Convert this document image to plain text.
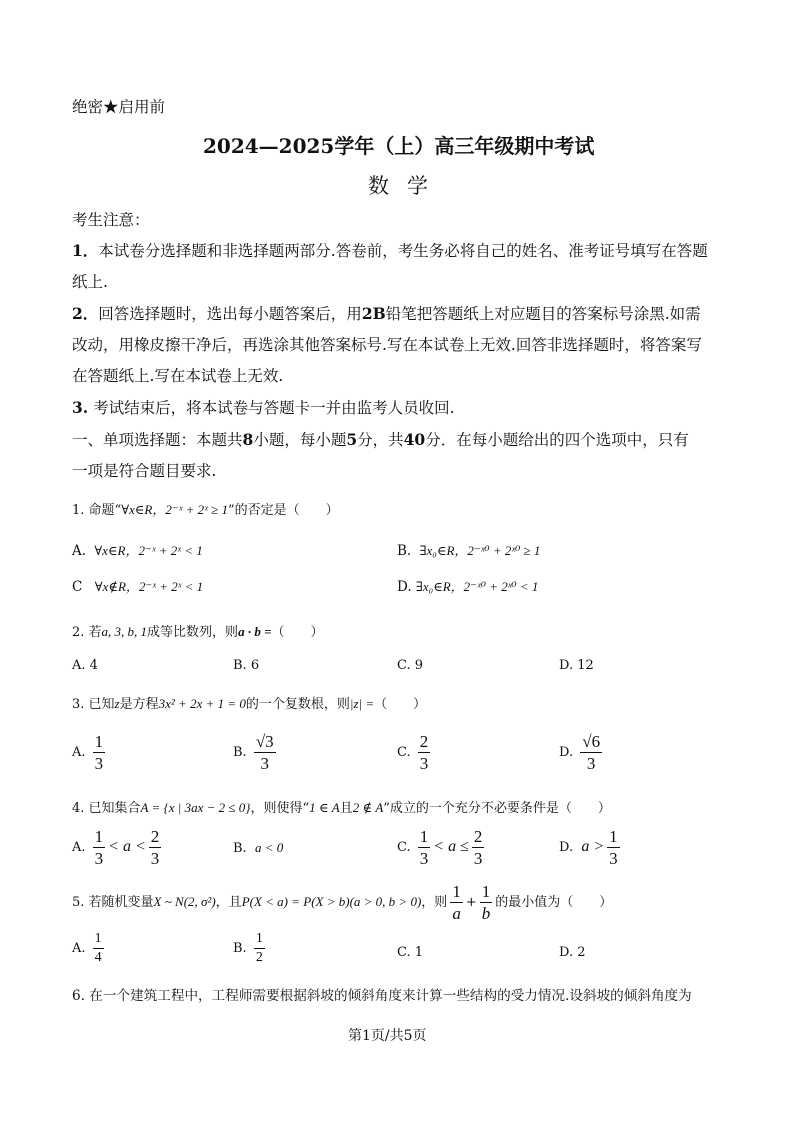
绝密★启用前
2024—2025学年（上）高三年级期中考试
数学
考生注意：
1．本试卷分选择题和非选择题两部分.答卷前，考生务必将自己的姓名、准考证号填写在答题
纸上.
2．回答选择题时，选出每小题答案后，用2B铅笔把答题纸上对应题目的答案标号涂黑.如需
改动，用橡皮擦干净后，再选涂其他答案标号.写在本试卷上无效.回答非选择题时，将答案写
在答题纸上.写在本试卷上无效.
3. 考试结束后，将本试卷与答题卡一并由监考人员收回.
一、单项选择题：本题共8小题，每小题5分，共40分．在每小题给出的四个选项中，只有
一项是符合题目要求.
1. 命题“∀x∈R，2⁻ˣ + 2ˣ ≥ 1”的否定是（　　）
A. ∀x∈R，2⁻ˣ + 2ˣ < 1	B. ∃x₀∈R，2⁻ˣ⁰ + 2ˣ⁰ ≥ 1
C ∀x∉R，2⁻ˣ + 2ˣ < 1	D. ∃x₀∈R，2⁻ˣ⁰ + 2ˣ⁰ < 1
2. 若a, 3, b, 1成等比数列，则a · b =（　　）
A. 4	B. 6	C. 9	D. 12
3. 已知z是方程3x² + 2x + 1 = 0的一个复数根，则|z| =（　　）
A. $\frac{1}{3}$	B. $\frac{√3}{3}$	C. $\frac{2}{3}$	D. $\frac{√6}{3}$
4. 已知集合A = {x | 3ax − 2 ≤ 0}，则使得“1 ∈ A且2 ∉ A”成立的一个充分不必要条件是（　　）
A. $\frac{1}{3} < a < \frac{2}{3}$	B. a < 0	C. $\frac{1}{3} < a \le \frac{2}{3}$	D. $a > \frac{1}{3}$
5. 若随机变量X ~ N(2, σ²)，且P(X < a) = P(X > b)(a > 0, b > 0)，则 $\frac{1}{a} + \frac{1}{b}$ 的最小值为（　　）
A. $\frac{1}{4}$	B. $\frac{1}{2}$	C. 1	D. 2
6. 在一个建筑工程中，工程师需要根据斜坡的倾斜角度来计算一些结构的受力情况.设斜坡的倾斜角度为
第1页/共5页
